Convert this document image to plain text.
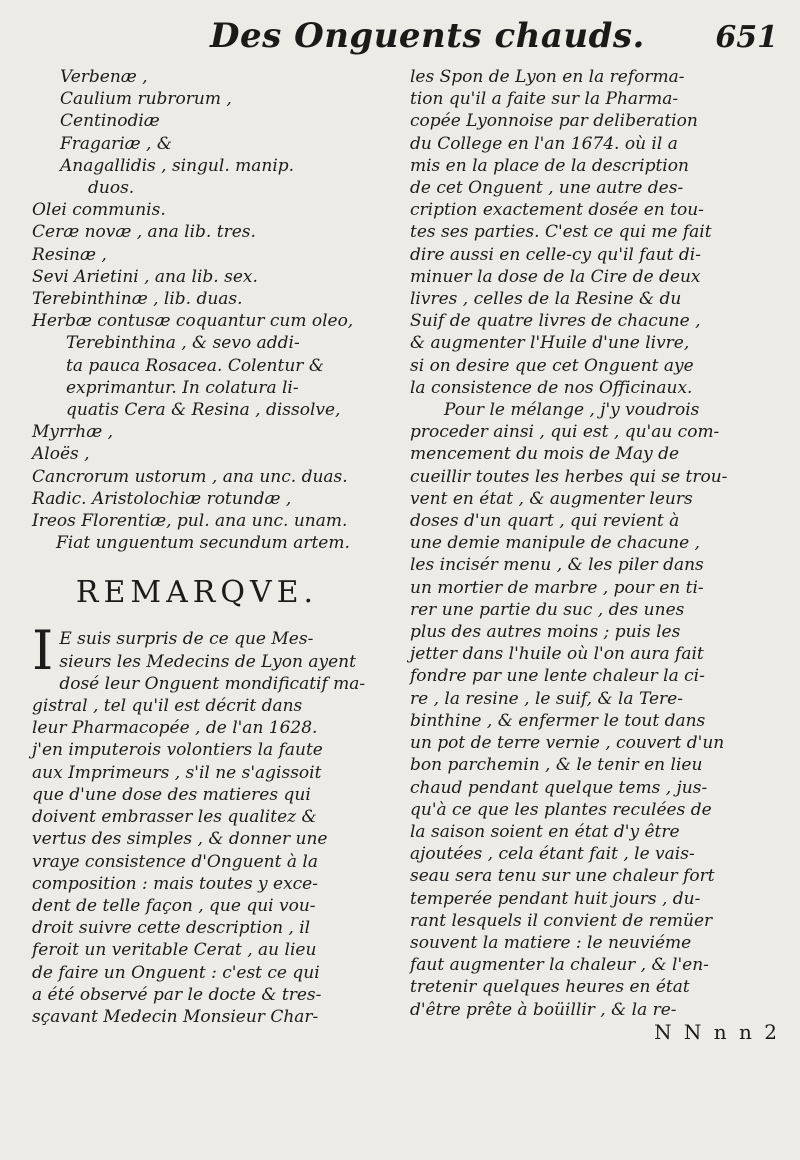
Des Onguents chauds. 651
Verbenæ ,
Caulium rubrorum ,
Centinodiæ
Fragariæ , &
Anagallidis , singul. manip.
duos.
Olei communis.
Ceræ novæ , ana lib. tres.
Resinæ ,
Sevi Arietini , ana lib. sex.
Terebinthinæ , lib. duas.
Herbæ contusæ coquantur cum oleo,
Terebinthina , & sevo addi-
ta pauca Rosacea. Colentur &
exprimantur. In colatura li-
quatis Cera & Resina , dissolve,
Myrrhæ ,
Aloës ,
Cancrorum ustorum , ana unc. duas.
Radic. Aristolochiæ rotundæ ,
Ireos Florentiæ, pul. ana unc. unam.
Fiat unguentum secundum artem.
REMARQVE.
I E suis surpris de ce que Mes-
sieurs les Medecins de Lyon ayent
dosé leur Onguent mondificatif ma-
gistral , tel qu'il est décrit dans
leur Pharmacopée , de l'an 1628.
j'en imputerois volontiers la faute
aux Imprimeurs , s'il ne s'agissoit
que d'une dose des matieres qui
doivent embrasser les qualitez &
vertus des simples , & donner une
vraye consistence d'Onguent à la
composition : mais toutes y exce-
dent de telle façon , que qui vou-
droit suivre cette description , il
feroit un veritable Cerat , au lieu
de faire un Onguent : c'est ce qui
a été observé par le docte & tres-
sçavant Medecin Monsieur Char-
les Spon de Lyon en la reforma-
tion qu'il a faite sur la Pharma-
copée Lyonnoise par deliberation
du College en l'an 1674. où il a
mis en la place de la description
de cet Onguent , une autre des-
cription exactement dosée en tou-
tes ses parties. C'est ce qui me fait
dire aussi en celle-cy qu'il faut di-
minuer la dose de la Cire de deux
livres , celles de la Resine & du
Suif de quatre livres de chacune ,
& augmenter l'Huile d'une livre,
si on desire que cet Onguent aye
la consistence de nos Officinaux.
Pour le mélange , j'y voudrois
proceder ainsi , qui est , qu'au com-
mencement du mois de May de
cueillir toutes les herbes qui se trou-
vent en état , & augmenter leurs
doses d'un quart , qui revient à
une demie manipule de chacune ,
les incisér menu , & les piler dans
un mortier de marbre , pour en ti-
rer une partie du suc , des unes
plus des autres moins ; puis les
jetter dans l'huile où l'on aura fait
fondre par une lente chaleur la ci-
re , la resine , le suif, & la Tere-
binthine , & enfermer le tout dans
un pot de terre vernie , couvert d'un
bon parchemin , & le tenir en lieu
chaud pendant quelque tems , jus-
qu'à ce que les plantes reculées de
la saison soient en état d'y être
ajoutées , cela étant fait , le vais-
seau sera tenu sur une chaleur fort
temperée pendant huit jours , du-
rant lesquels il convient de remüer
souvent la matiere : le neuviéme
faut augmenter la chaleur , & l'en-
tretenir quelques heures en état
d'être prête à boüillir , & la re-
N N n n 2
